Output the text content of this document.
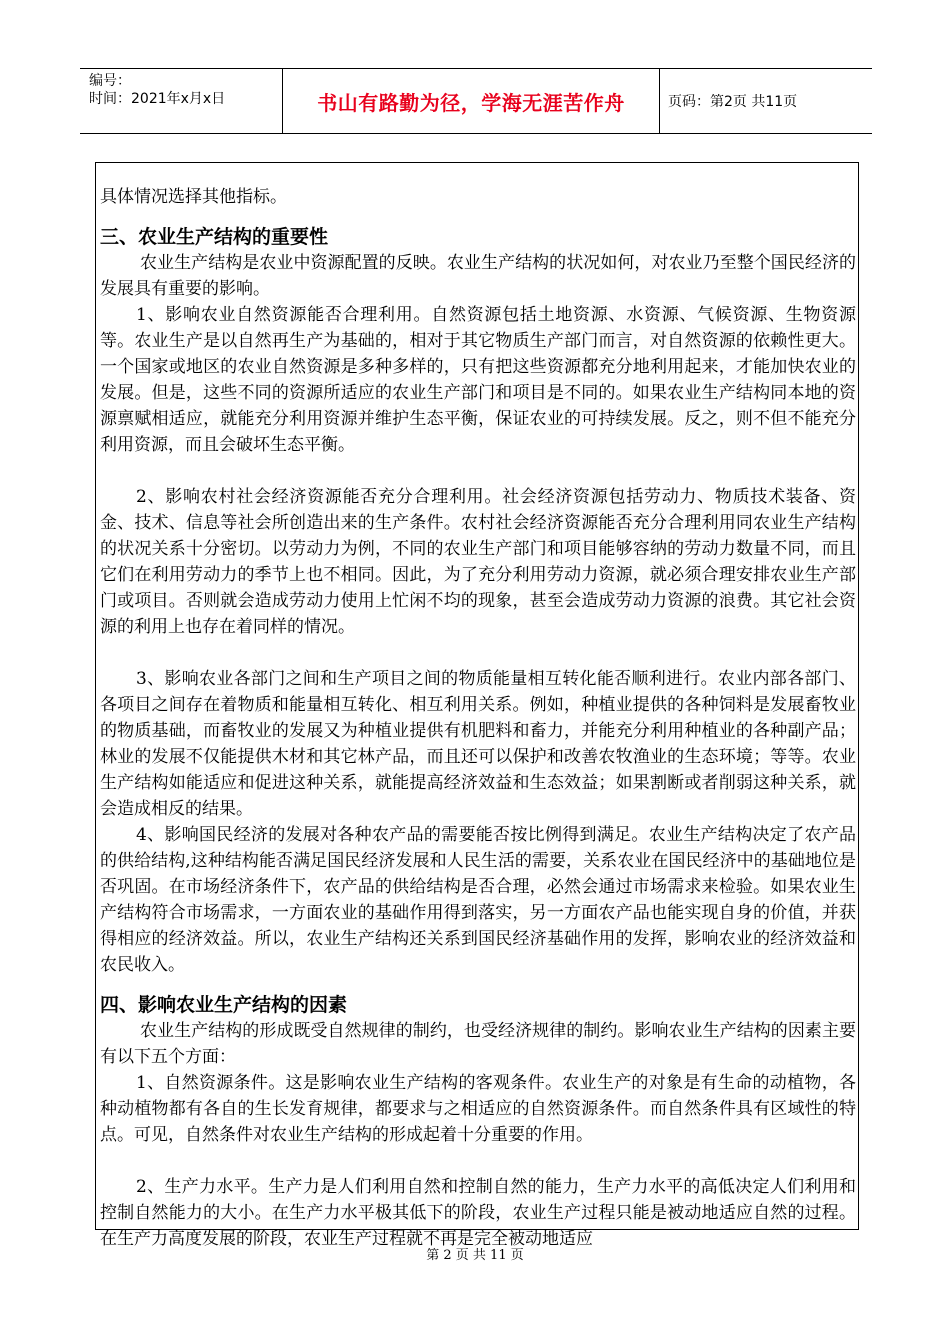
编号：
时间：2021年x月x日	书山有路勤为径，学海无涯苦作舟	页码：第2页 共11页

具体情况选择其他指标。

三、农业生产结构的重要性

农业生产结构是农业中资源配置的反映。农业生产结构的状况如何，对农业乃至整个国民经济的发展具有重要的影响。

1、影响农业自然资源能否合理利用。自然资源包括土地资源、水资源、气候资源、生物资源等。农业生产是以自然再生产为基础的，相对于其它物质生产部门而言，对自然资源的依赖性更大。一个国家或地区的农业自然资源是多种多样的，只有把这些资源都充分地利用起来，才能加快农业的发展。但是，这些不同的资源所适应的农业生产部门和项目是不同的。如果农业生产结构同本地的资源禀赋相适应，就能充分利用资源并维护生态平衡，保证农业的可持续发展。反之，则不但不能充分利用资源，而且会破坏生态平衡。

2、影响农村社会经济资源能否充分合理利用。社会经济资源包括劳动力、物质技术装备、资金、技术、信息等社会所创造出来的生产条件。农村社会经济资源能否充分合理利用同农业生产结构的状况关系十分密切。以劳动力为例，不同的农业生产部门和项目能够容纳的劳动力数量不同，而且它们在利用劳动力的季节上也不相同。因此，为了充分利用劳动力资源，就必须合理安排农业生产部门或项目。否则就会造成劳动力使用上忙闲不均的现象，甚至会造成劳动力资源的浪费。其它社会资源的利用上也存在着同样的情况。

3、影响农业各部门之间和生产项目之间的物质能量相互转化能否顺利进行。农业内部各部门、各项目之间存在着物质和能量相互转化、相互利用关系。例如，种植业提供的各种饲料是发展畜牧业的物质基础，而畜牧业的发展又为种植业提供有机肥料和畜力，并能充分利用种植业的各种副产品；林业的发展不仅能提供木材和其它林产品，而且还可以保护和改善农牧渔业的生态环境；等等。农业生产结构如能适应和促进这种关系，就能提高经济效益和生态效益；如果割断或者削弱这种关系，就会造成相反的结果。

4、影响国民经济的发展对各种农产品的需要能否按比例得到满足。农业生产结构决定了农产品的供给结构,这种结构能否满足国民经济发展和人民生活的需要，关系农业在国民经济中的基础地位是否巩固。在市场经济条件下，农产品的供给结构是否合理，必然会通过市场需求来检验。如果农业生产结构符合市场需求，一方面农业的基础作用得到落实，另一方面农产品也能实现自身的价值，并获得相应的经济效益。所以，农业生产结构还关系到国民经济基础作用的发挥，影响农业的经济效益和农民收入。

四、影响农业生产结构的因素

农业生产结构的形成既受自然规律的制约，也受经济规律的制约。影响农业生产结构的因素主要有以下五个方面：

1、自然资源条件。这是影响农业生产结构的客观条件。农业生产的对象是有生命的动植物，各种动植物都有各自的生长发育规律，都要求与之相适应的自然资源条件。而自然条件具有区域性的特点。可见，自然条件对农业生产结构的形成起着十分重要的作用。

2、生产力水平。生产力是人们利用自然和控制自然的能力，生产力水平的高低决定人们利用和控制自然能力的大小。在生产力水平极其低下的阶段，农业生产过程只能是被动地适应自然的过程。在生产力高度发展的阶段，农业生产过程就不再是完全被动地适应

第 2 页 共 11 页
